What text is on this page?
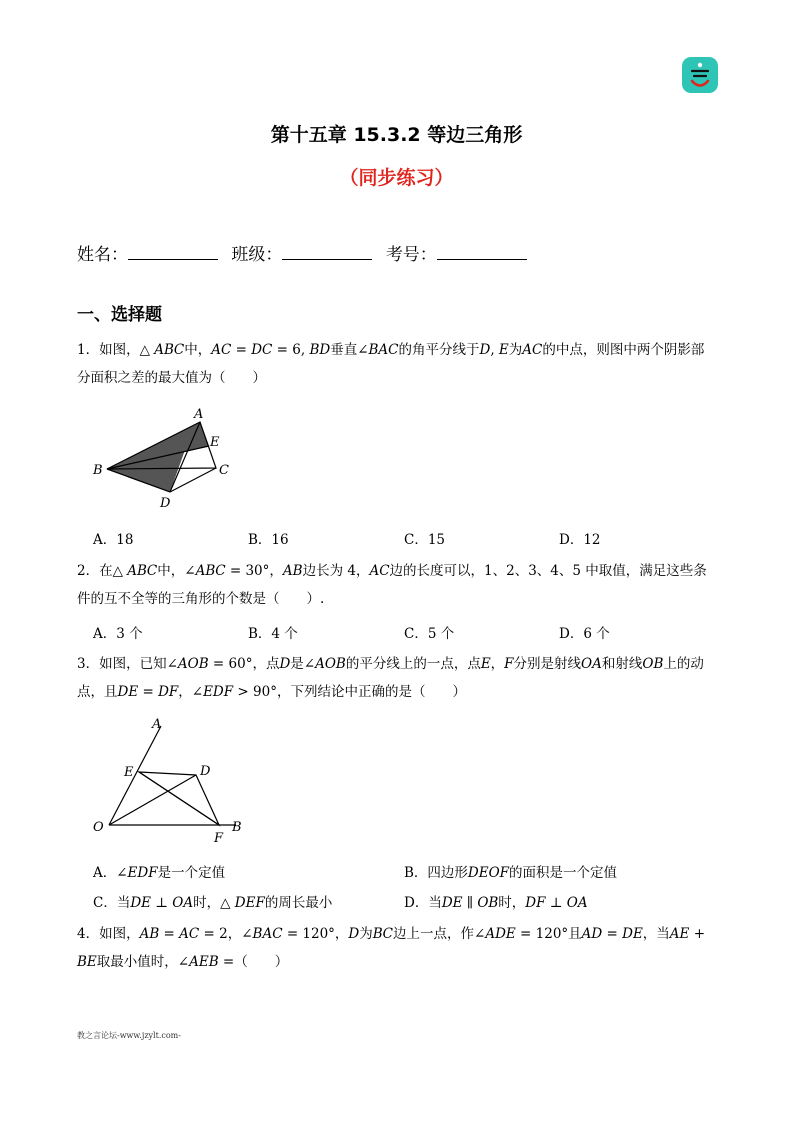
第十五章 15.3.2 等边三角形
（同步练习）
姓名：	班级：	考号：
一、选择题
1．如图，△ 𝐴𝐵𝐶中，𝐴𝐶 = 𝐷𝐶 = 6, 𝐵𝐷垂直∠𝐵𝐴𝐶的角平分线于𝐷, 𝐸为𝐴𝐶的中点，则图中两个阴影部分面积之差的最大值为（　　）
A
E
B	C
D
A．18	B．16	C．15	D．12
2．在△ 𝐴𝐵𝐶中，∠𝐴𝐵𝐶 = 30°，𝐴𝐵边长为 4，𝐴𝐶边的长度可以，1、2、3、4、5 中取值，满足这些条件的互不全等的三角形的个数是（　　）.
A．3 个	B．4 个	C．5 个	D．6 个
3．如图，已知∠𝐴𝑂𝐵 = 60°，点𝐷是∠𝐴𝑂𝐵的平分线上的一点，点𝐸，𝐹分别是射线𝑂𝐴和射线𝑂𝐵上的动点，且𝐷𝐸 = 𝐷𝐹，∠𝐸𝐷𝐹 > 90°，下列结论中正确的是（　　）
A
E	D
O
F
B
A．∠𝐸𝐷𝐹是一个定值	B．四边形𝐷𝐸𝑂𝐹的面积是一个定值
C．当𝐷𝐸 ⊥ 𝑂𝐴时，△ 𝐷𝐸𝐹的周长最小	D．当𝐷𝐸 ∥ 𝑂𝐵时，𝐷𝐹 ⊥ 𝑂𝐴
4．如图，𝐴𝐵 = 𝐴𝐶 = 2，∠𝐵𝐴𝐶 = 120°，𝐷为𝐵𝐶边上一点，作∠𝐴𝐷𝐸 = 120°且𝐴𝐷 = 𝐷𝐸，当𝐴𝐸 + 𝐵𝐸取最小值时，∠𝐴𝐸𝐵 =（　　）
教之言论坛-www.jzylt.com-
